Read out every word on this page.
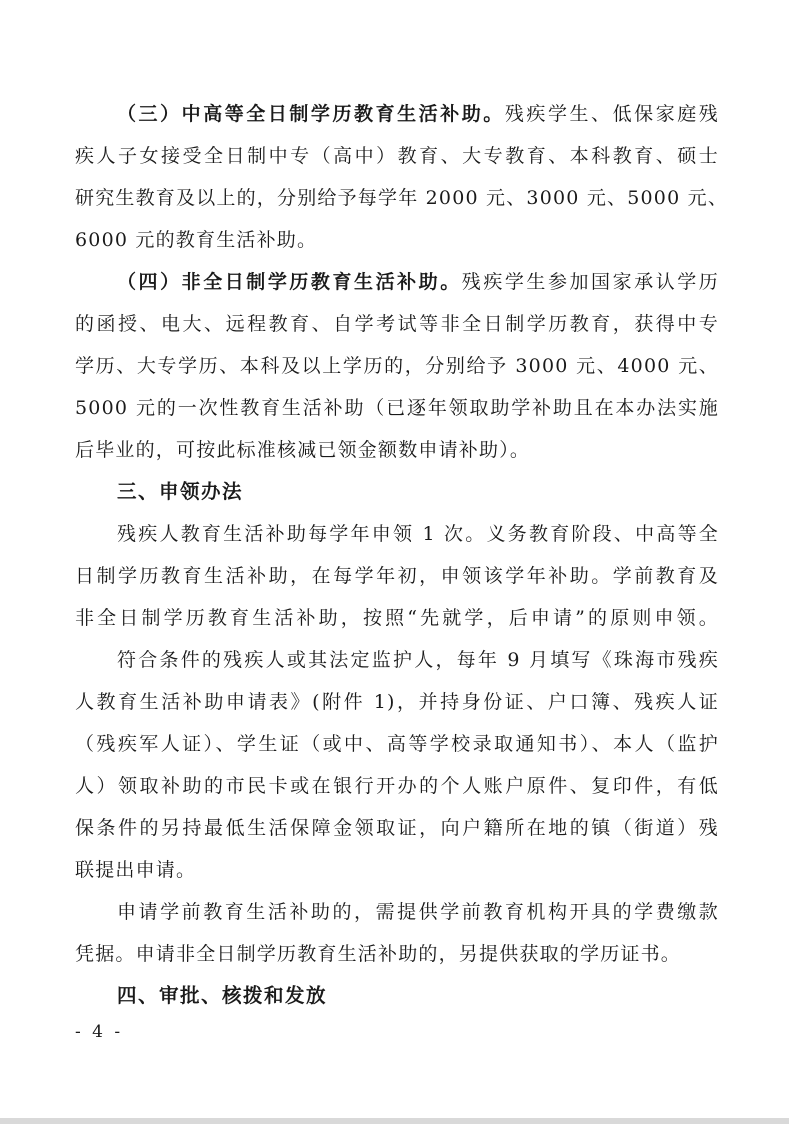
（三）中高等全日制学历教育生活补助。残疾学生、低保家庭残
疾人子女接受全日制中专（高中）教育、大专教育、本科教育、硕士
研究生教育及以上的，分别给予每学年 2000 元、3000 元、5000 元、
6000 元的教育生活补助。
（四）非全日制学历教育生活补助。残疾学生参加国家承认学历
的函授、电大、远程教育、自学考试等非全日制学历教育，获得中专
学历、大专学历、本科及以上学历的，分别给予 3000 元、4000 元、
5000 元的一次性教育生活补助（已逐年领取助学补助且在本办法实施
后毕业的，可按此标准核减已领金额数申请补助）。
三、申领办法
残疾人教育生活补助每学年申领 1 次。义务教育阶段、中高等全
日制学历教育生活补助，在每学年初，申领该学年补助。学前教育及
非全日制学历教育生活补助，按照“先就学，后申请”的原则申领。
符合条件的残疾人或其法定监护人，每年 9 月填写《珠海市残疾
人教育生活补助申请表》(附件 1)，并持身份证、户口簿、残疾人证
（残疾军人证）、学生证（或中、高等学校录取通知书）、本人（监护
人）领取补助的市民卡或在银行开办的个人账户原件、复印件，有低
保条件的另持最低生活保障金领取证，向户籍所在地的镇（街道）残
联提出申请。
申请学前教育生活补助的，需提供学前教育机构开具的学费缴款
凭据。申请非全日制学历教育生活补助的，另提供获取的学历证书。
四、审批、核拨和发放
- 4 -
